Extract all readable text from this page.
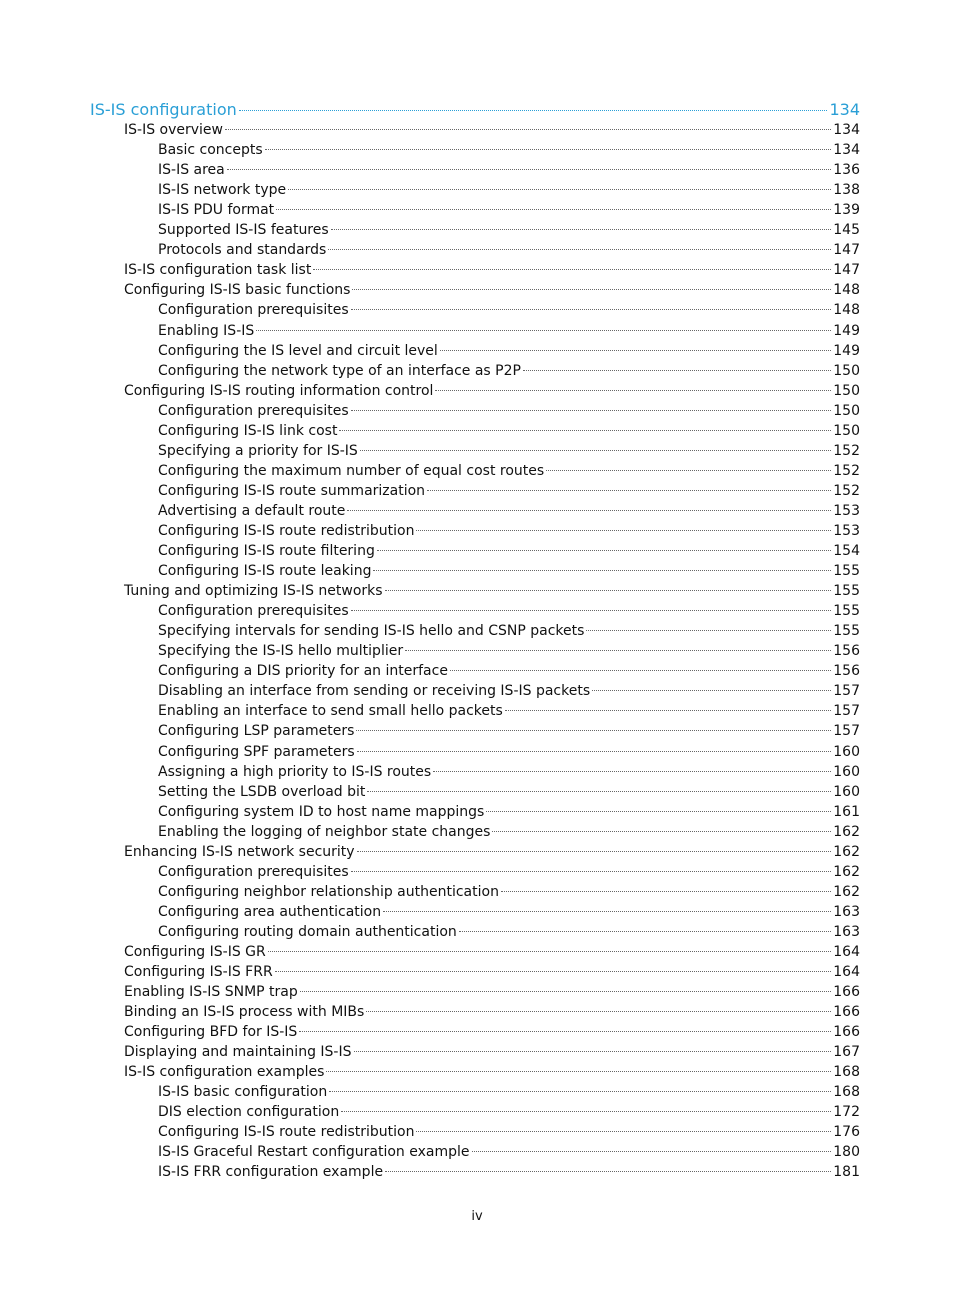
IS-IS configuration	134
IS-IS overview	134
Basic concepts	134
IS-IS area	136
IS-IS network type	138
IS-IS PDU format	139
Supported IS-IS features	145
Protocols and standards	147
IS-IS configuration task list	147
Configuring IS-IS basic functions	148
Configuration prerequisites	148
Enabling IS-IS	149
Configuring the IS level and circuit level	149
Configuring the network type of an interface as P2P	150
Configuring IS-IS routing information control	150
Configuration prerequisites	150
Configuring IS-IS link cost	150
Specifying a priority for IS-IS	152
Configuring the maximum number of equal cost routes	152
Configuring IS-IS route summarization	152
Advertising a default route	153
Configuring IS-IS route redistribution	153
Configuring IS-IS route filtering	154
Configuring IS-IS route leaking	155
Tuning and optimizing IS-IS networks	155
Configuration prerequisites	155
Specifying intervals for sending IS-IS hello and CSNP packets	155
Specifying the IS-IS hello multiplier	156
Configuring a DIS priority for an interface	156
Disabling an interface from sending or receiving IS-IS packets	157
Enabling an interface to send small hello packets	157
Configuring LSP parameters	157
Configuring SPF parameters	160
Assigning a high priority to IS-IS routes	160
Setting the LSDB overload bit	160
Configuring system ID to host name mappings	161
Enabling the logging of neighbor state changes	162
Enhancing IS-IS network security	162
Configuration prerequisites	162
Configuring neighbor relationship authentication	162
Configuring area authentication	163
Configuring routing domain authentication	163
Configuring IS-IS GR	164
Configuring IS-IS FRR	164
Enabling IS-IS SNMP trap	166
Binding an IS-IS process with MIBs	166
Configuring BFD for IS-IS	166
Displaying and maintaining IS-IS	167
IS-IS configuration examples	168
IS-IS basic configuration	168
DIS election configuration	172
Configuring IS-IS route redistribution	176
IS-IS Graceful Restart configuration example	180
IS-IS FRR configuration example	181
iv
